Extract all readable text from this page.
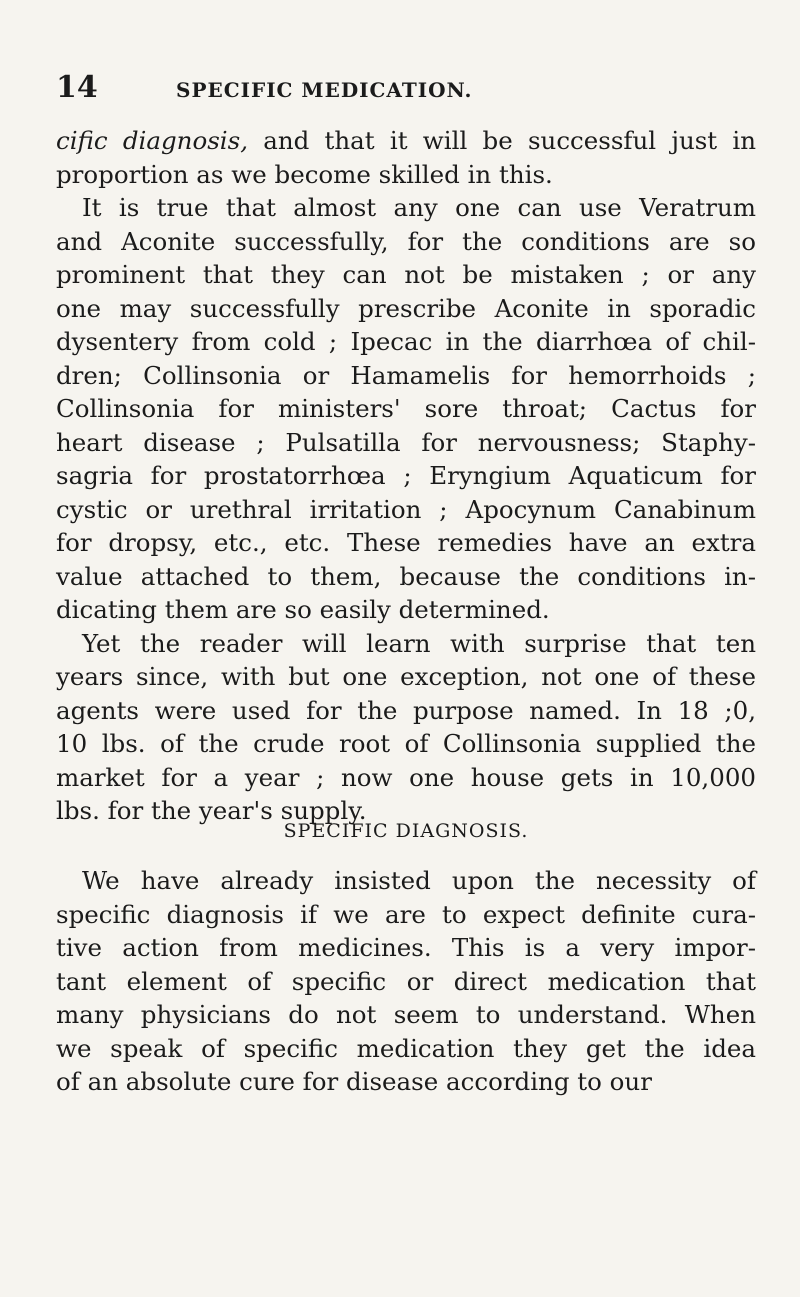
14	SPECIFIC MEDICATION.
cific diagnosis, and that it will be successful just in
proportion as we become skilled in this.
It is true that almost any one can use Veratrum
and Aconite successfully, for the conditions are so
prominent that they can not be mistaken ; or any
one may successfully prescribe Aconite in sporadic
dysentery from cold ; Ipecac in the diarrhœa of chil-
dren; Collinsonia or Hamamelis for hemorrhoids ;
Collinsonia for ministers' sore throat; Cactus for
heart disease ; Pulsatilla for nervousness; Staphy-
sagria for prostatorrhœa ; Eryngium Aquaticum for
cystic or urethral irritation ; Apocynum Canabinum
for dropsy, etc., etc. These remedies have an extra
value attached to them, because the conditions in-
dicating them are so easily determined.
Yet the reader will learn with surprise that ten
years since, with but one exception, not one of these
agents were used for the purpose named. In 18 ;0,
10 lbs. of the crude root of Collinsonia supplied the
market for a year ; now one house gets in 10,000
lbs. for the year's supply.
SPECIFIC DIAGNOSIS.
We have already insisted upon the necessity of
specific diagnosis if we are to expect definite cura-
tive action from medicines. This is a very impor-
tant element of specific or direct medication that
many physicians do not seem to understand. When
we speak of specific medication they get the idea
of an absolute cure for disease according to our
